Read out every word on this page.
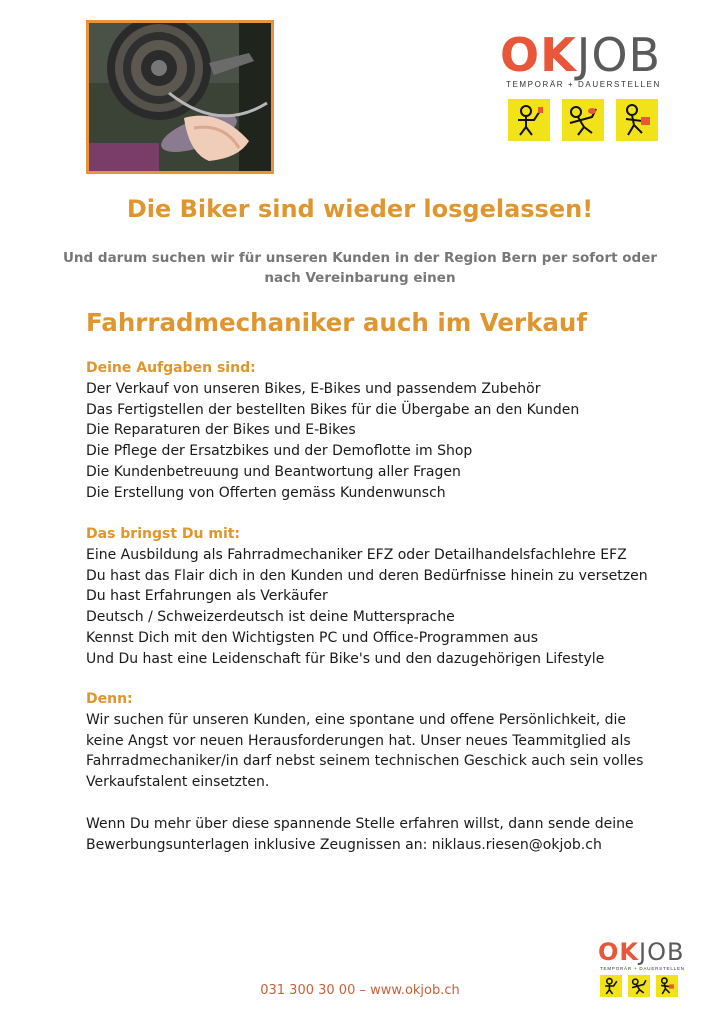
OKJOB
TEMPORÄR + DAUERSTELLEN
Die Biker sind wieder losgelassen!
Und darum suchen wir für unseren Kunden in der Region Bern per sofort oder
nach Vereinbarung einen
Fahrradmechaniker auch im Verkauf
Deine Aufgaben sind:

Der Verkauf von unseren Bikes, E-Bikes und passendem Zubehör

Das Fertigstellen der bestellten Bikes für die Übergabe an den Kunden

Die Reparaturen der Bikes und E-Bikes

Die Pflege der Ersatzbikes und der Demoflotte im Shop

Die Kundenbetreuung und Beantwortung aller Fragen

Die Erstellung von Offerten gemäss Kundenwunsch

Das bringst Du mit:

Eine Ausbildung als Fahrradmechaniker EFZ oder Detailhandelsfachlehre EFZ

Du hast das Flair dich in den Kunden und deren Bedürfnisse hinein zu versetzen

Du hast Erfahrungen als Verkäufer

Deutsch / Schweizerdeutsch ist deine Muttersprache

Kennst Dich mit den Wichtigsten PC und Office-Programmen aus

Und Du hast eine Leidenschaft für Bike's und den dazugehörigen Lifestyle

Denn:

Wir suchen für unseren Kunden, eine spontane und offene Persönlichkeit, die

keine Angst vor neuen Herausforderungen hat. Unser neues Teammitglied als

Fahrradmechaniker/in darf nebst seinem technischen Geschick auch sein volles

Verkaufstalent einsetzten.

Wenn Du mehr über diese spannende Stelle erfahren willst, dann sende deine

Bewerbungsunterlagen inklusive Zeugnissen an: niklaus.riesen@okjob.ch

OKJOB
TEMPORÄR + DAUERSTELLEN
031 300 30 00 – www.okjob.ch
